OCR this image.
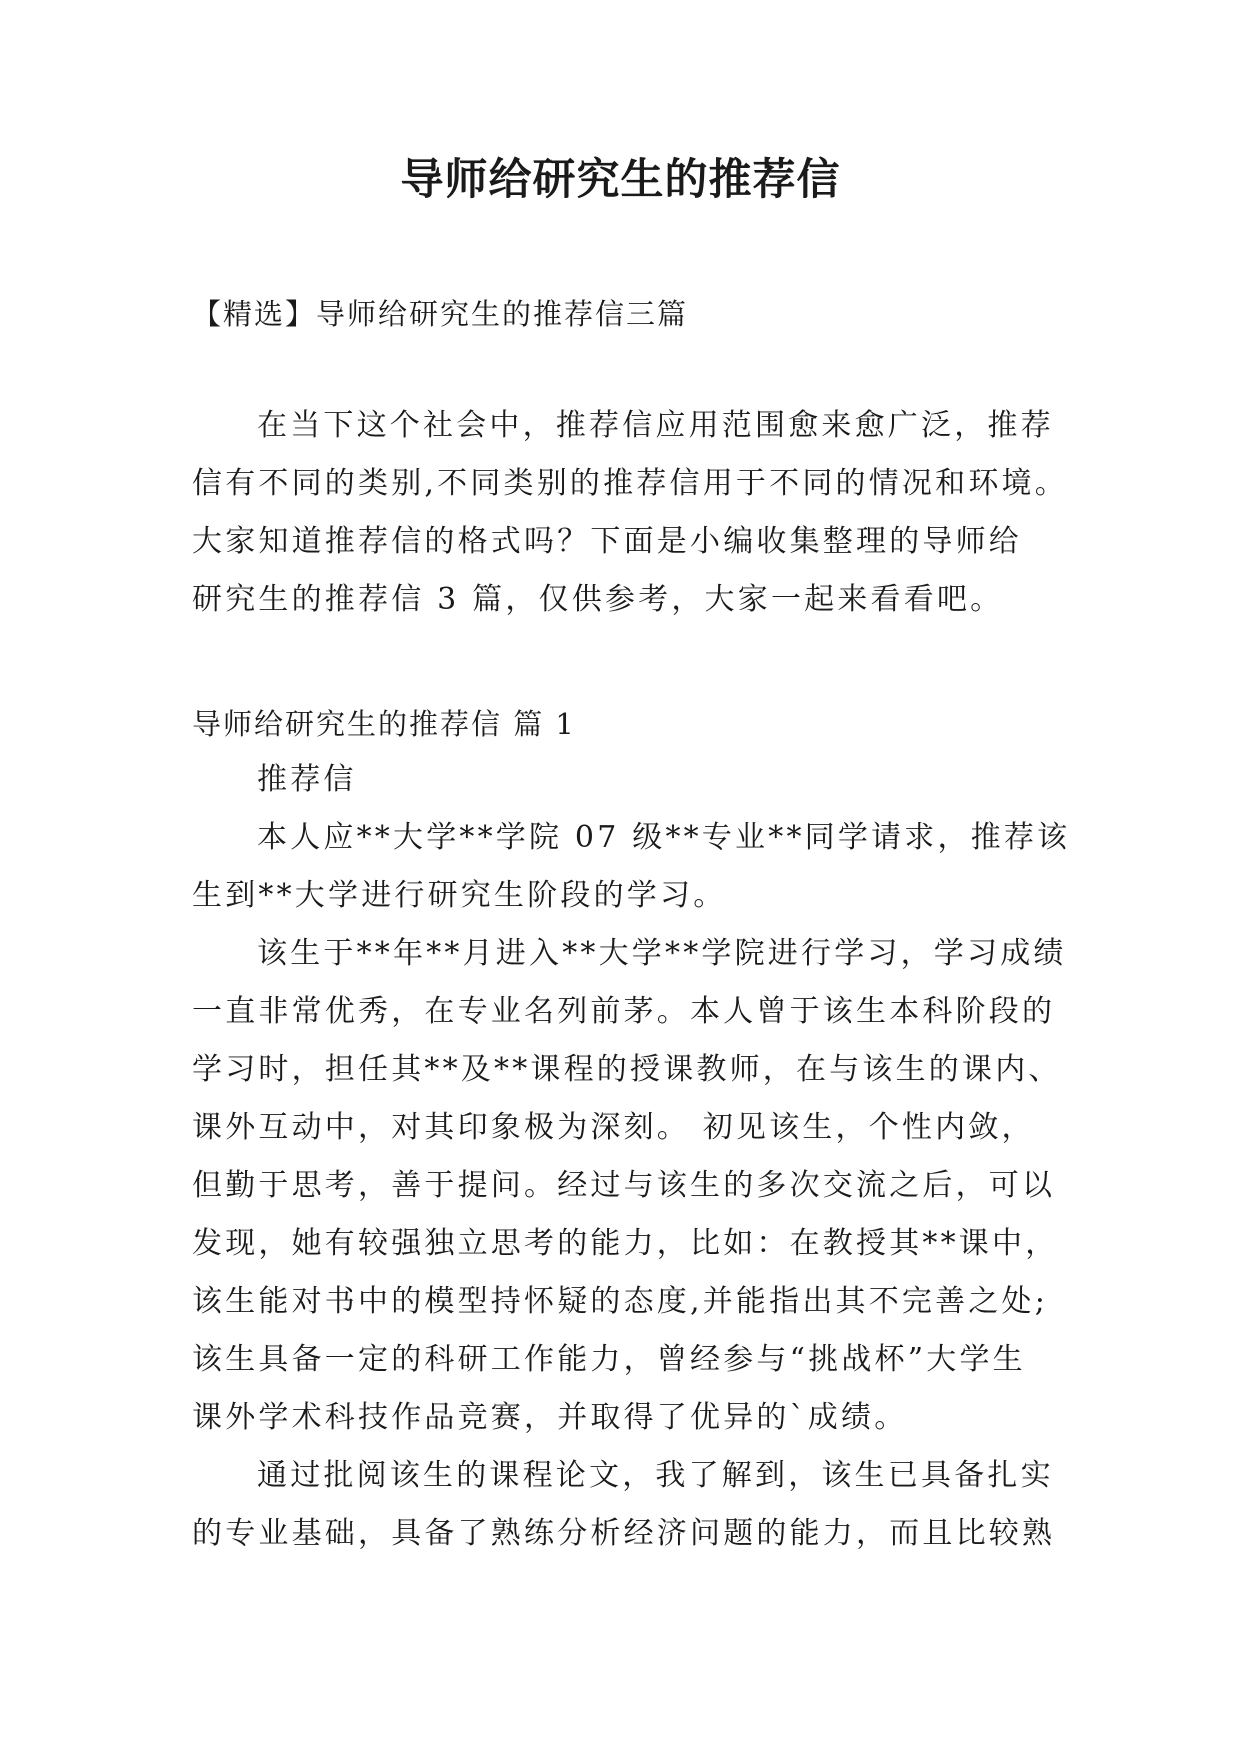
导师给研究生的推荐信
【精选】导师给研究生的推荐信三篇
在当下这个社会中，推荐信应用范围愈来愈广泛，推荐
信有不同的类别,不同类别的推荐信用于不同的情况和环境。
大家知道推荐信的格式吗？下面是小编收集整理的导师给
研究生的推荐信 3 篇，仅供参考，大家一起来看看吧。
导师给研究生的推荐信 篇 1
推荐信
本人应**大学**学院 07 级**专业**同学请求，推荐该
生到**大学进行研究生阶段的学习。
该生于**年**月进入**大学**学院进行学习，学习成绩
一直非常优秀，在专业名列前茅。本人曾于该生本科阶段的
学习时，担任其**及**课程的授课教师，在与该生的课内、
课外互动中，对其印象极为深刻。 初见该生，个性内敛，
但勤于思考，善于提问。经过与该生的多次交流之后，可以
发现，她有较强独立思考的能力，比如：在教授其**课中，
该生能对书中的模型持怀疑的态度,并能指出其不完善之处;
该生具备一定的科研工作能力，曾经参与“挑战杯”大学生
课外学术科技作品竞赛，并取得了优异的`成绩。
通过批阅该生的课程论文，我了解到，该生已具备扎实
的专业基础，具备了熟练分析经济问题的能力，而且比较熟
